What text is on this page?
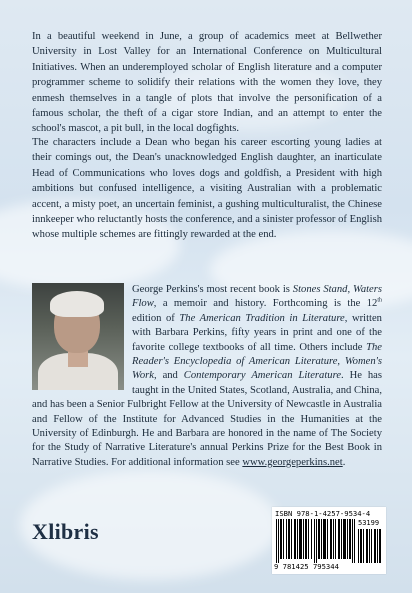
In a beautiful weekend in June, a group of academics meet at Bellwether University in Lost Valley for an International Conference on Multicultural Initiatives. When an underemployed scholar of English literature and a computer programmer scheme to solidify their relations with the women they love, they enmesh themselves in a tangle of plots that involve the personification of a famous scholar, the theft of a cigar store Indian, and an attempt to enter the school's mascot, a pit bull, in the local dogfights.

The characters include a Dean who began his career escorting young ladies at their comings out, the Dean's unacknowledged English daughter, an inarticulate Head of Communications who loves dogs and goldfish, a President with high ambitions but confused intelligence, a visiting Australian with a problematic accent, a misty poet, an uncertain feminist, a gushing multiculturalist, the Chinese innkeeper who reluctantly hosts the conference, and a sinister professor of English whose multiple schemes are fittingly rewarded at the end.

George Perkins's most recent book is Stones Stand, Waters Flow, a memoir and history. Forthcoming is the 12th edition of The American Tradition in Literature, written with Barbara Perkins, fifty years in print and one of the favorite college textbooks of all time. Others include The Reader's Encyclopedia of American Literature, Women's Work, and Contemporary American Literature. He has taught in the United States, Scotland, Australia, and China, and has been a Senior Fulbright Fellow at the University of Newcastle in Australia and Fellow of the Institute for Advanced Studies in the Humanities at the University of Edinburgh. He and Barbara are honored in the name of The Society for the Study of Narrative Literature's annual Perkins Prize for the Best Book in Narrative Studies. For additional information see www.georgeperkins.net.

Xlibris
ISBN 978-1-4257-9534-4
53199
9 781425 795344
